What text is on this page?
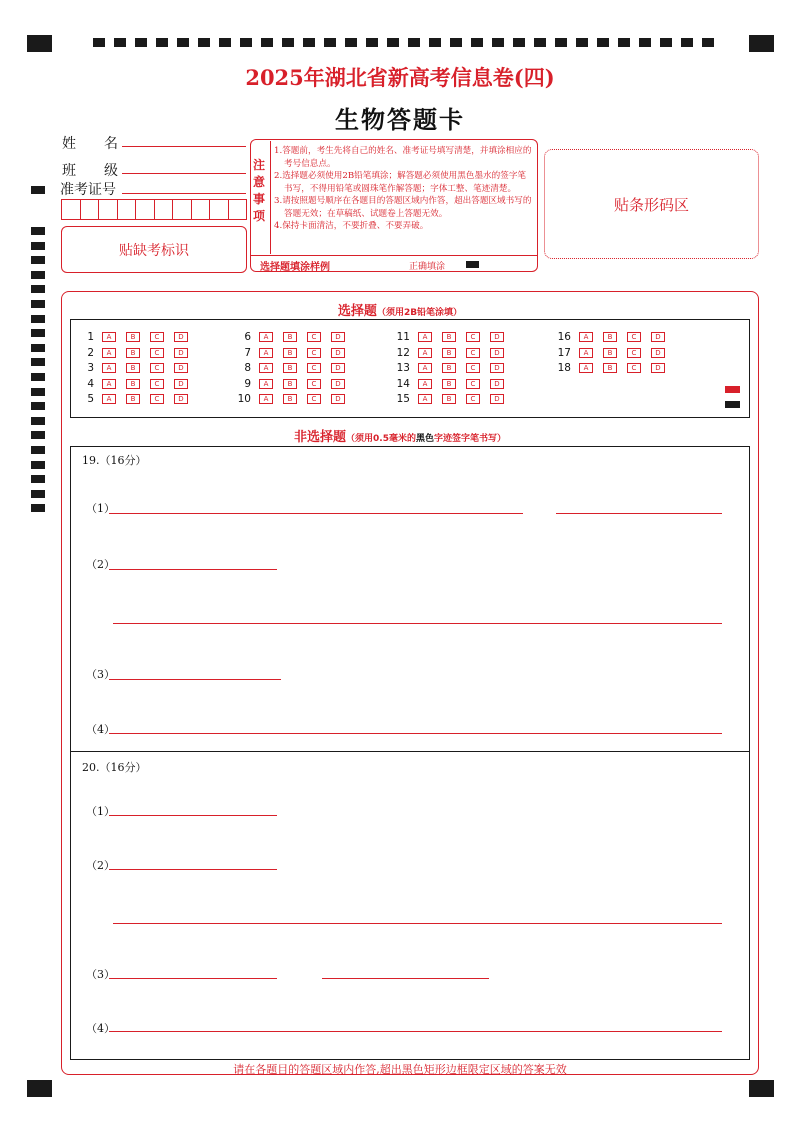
2025年湖北省新高考信息卷(四)
生物答题卡
姓　　名
班　　级
准考证号
贴缺考标识
注意事项
1.答题前，考生先将自己的姓名、准考证号填写清楚，并填涂相应的考号信息点。
2.选择题必须使用2B铅笔填涂；解答题必须使用黑色墨水的签字笔书写，不得用铅笔或圆珠笔作解答题；字体工整、笔迹清楚。
3.请按照题号顺序在各题目的答题区域内作答，超出答题区域书写的答题无效；在草稿纸、试题卷上答题无效。
4.保持卡面清洁，不要折叠、不要弄破。
选择题填涂样例	正确填涂
贴条形码区
选择题（须用2B铅笔涂填）
1	A	B	C	D
2	A	B	C	D
3	A	B	C	D
4	A	B	C	D
5	A	B	C	D
6	A	B	C	D
7	A	B	C	D
8	A	B	C	D
9	A	B	C	D
10	A	B	C	D
11	A	B	C	D
12	A	B	C	D
13	A	B	C	D
14	A	B	C	D
15	A	B	C	D
16	A	B	C	D
17	A	B	C	D
18	A	B	C	D
非选择题（须用0.5毫米的黑色字迹签字笔书写）
19.（16分）
（1）
（2）
（3）
（4）
20.（16分）
（1）
（2）
（3）
（4）
请在各题目的答题区域内作答,超出黑色矩形边框限定区域的答案无效
